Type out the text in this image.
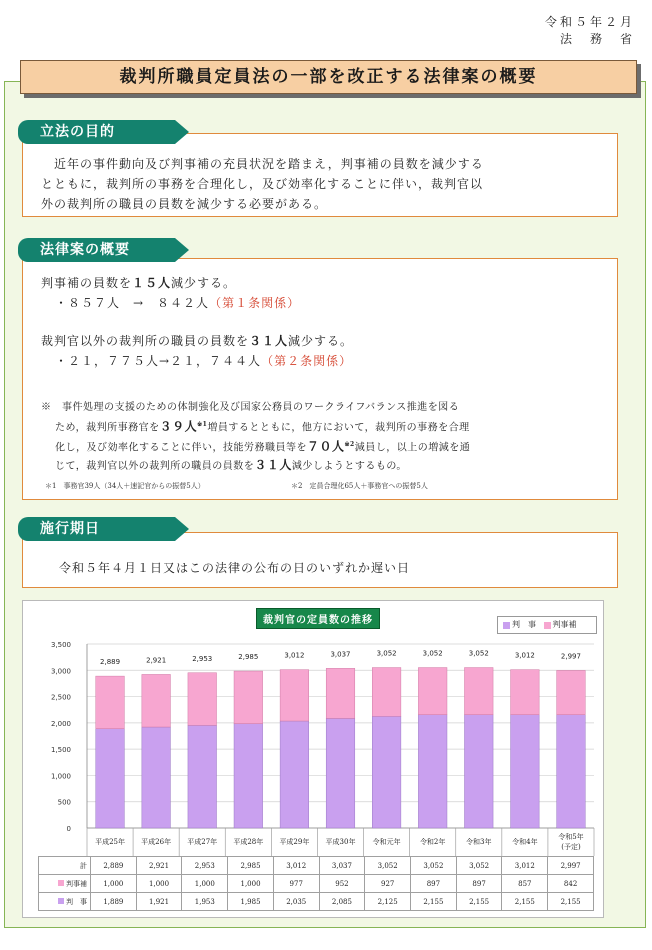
令和５年２月
法　務　省
裁判所職員定員法の一部を改正する法律案の概要
　近年の事件動向及び判事補の充員状況を踏まえ，判事補の員数を減少する
とともに，裁判所の事務を合理化し，及び効率化することに伴い，裁判官以
外の裁判所の職員の員数を減少する必要がある。
立法の目的
判事補の員数を１５人減少する。
・８５７人　→　８４２人（第１条関係）
裁判官以外の裁判所の職員の員数を３１人減少する。
・２１，７７５人→２１，７４４人（第２条関係）
※　 事件処理の支援のための体制強化及び国家公務員のワークライフバランス推進を図る
ため，裁判所事務官を３９人$^{※1}$増員するとともに，他方において，裁判所の事務を合理
化し，及び効率化することに伴い，技能労務職員等を７０人$^{※2}$減員し，以上の増減を通
じて，裁判官以外の裁判所の職員の員数を３１人減少しようとするもの。
＊1　事務官39人（34人＋速記官からの振替5人）	＊2　定員合理化65人＋事務官への振替5人
法律案の概要
令和５年４月１日又はこの法律の公布の日のいずれか遅い日
施行期日
裁判官の定員数の推移	判　事 判事補
0
500
1,000
1,500
2,000
2,500
3,000
3,500
平成25年 平成26年 平成27年 平成28年 平成29年 平成30年 令和元年	令和2年	令和3年	令和4年
令和5年
(予定)
2,889	2,921	2,953	2,985	3,012	3,037	3,052	3,052	3,052	3,012	2,997
計	2,889	2,921	2,953	2,985	3,012	3,037	3,052	3,052	3,052	3,012	2,997
判事補	1,000	1,000	1,000	1,000	977	952	927	897	897	857	842
判　事	1,889	1,921	1,953	1,985	2,035	2,085	2,125	2,155	2,155	2,155	2,155
